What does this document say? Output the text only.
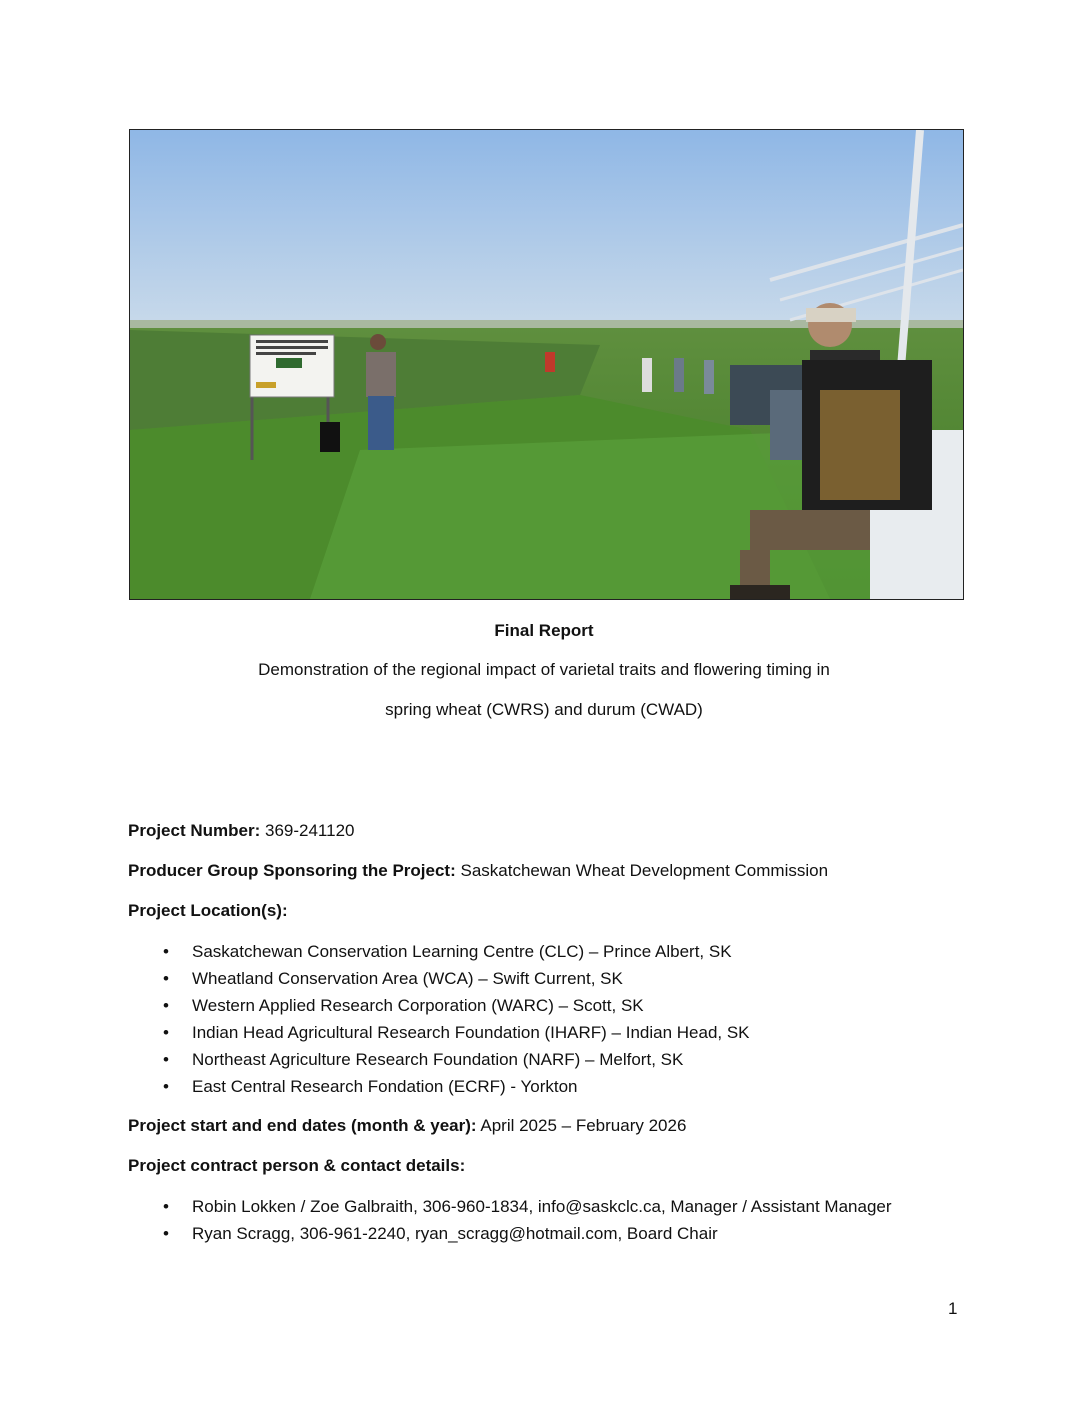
Final Report
Demonstration of the regional impact of varietal traits and flowering timing in
spring wheat (CWRS) and durum (CWAD)
Project Number: 369-241120
Producer Group Sponsoring the Project: Saskatchewan Wheat Development Commission
Project Location(s):
• Saskatchewan Conservation Learning Centre (CLC) – Prince Albert, SK
• Wheatland Conservation Area (WCA) – Swift Current, SK
• Western Applied Research Corporation (WARC) – Scott, SK
• Indian Head Agricultural Research Foundation (IHARF) – Indian Head, SK
• Northeast Agriculture Research Foundation (NARF) – Melfort, SK
• East Central Research Fondation (ECRF) - Yorkton
Project start and end dates (month & year): April 2025 – February 2026
Project contract person & contact details:
• Robin Lokken / Zoe Galbraith, 306-960-1834, info@saskclc.ca, Manager / Assistant Manager
• Ryan Scragg, 306-961-2240, ryan_scragg@hotmail.com, Board Chair
1
